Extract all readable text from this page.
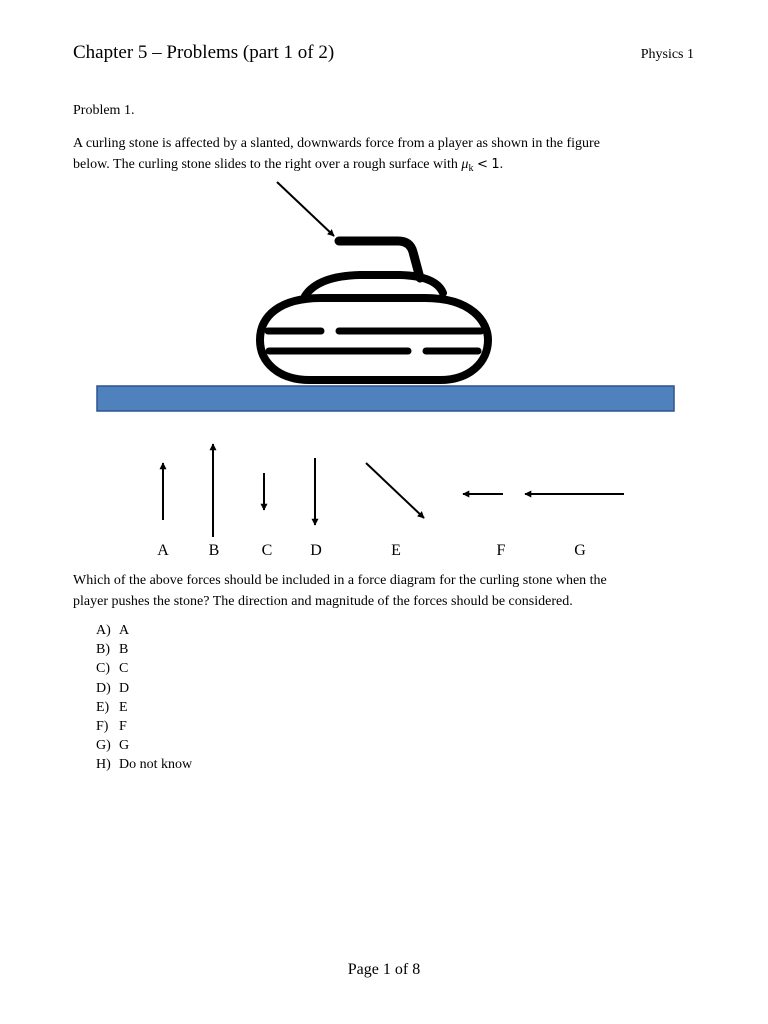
Chapter 5 – Problems (part 1 of 2)	Physics 1
Problem 1.
A curling stone is affected by a slanted, downwards force from a player as shown in the figure
below. The curling stone slides to the right over a rough surface with $\mu_k < 1$.
A B	C D	E	F	G
Which of the above forces should be included in a force diagram for the curling stone when the
player pushes the stone? The direction and magnitude of the forces should be considered.
A) A
B) B
C) C
D) D
E) E
F) F
G) G
H) Do not know
Page 1 of 8
